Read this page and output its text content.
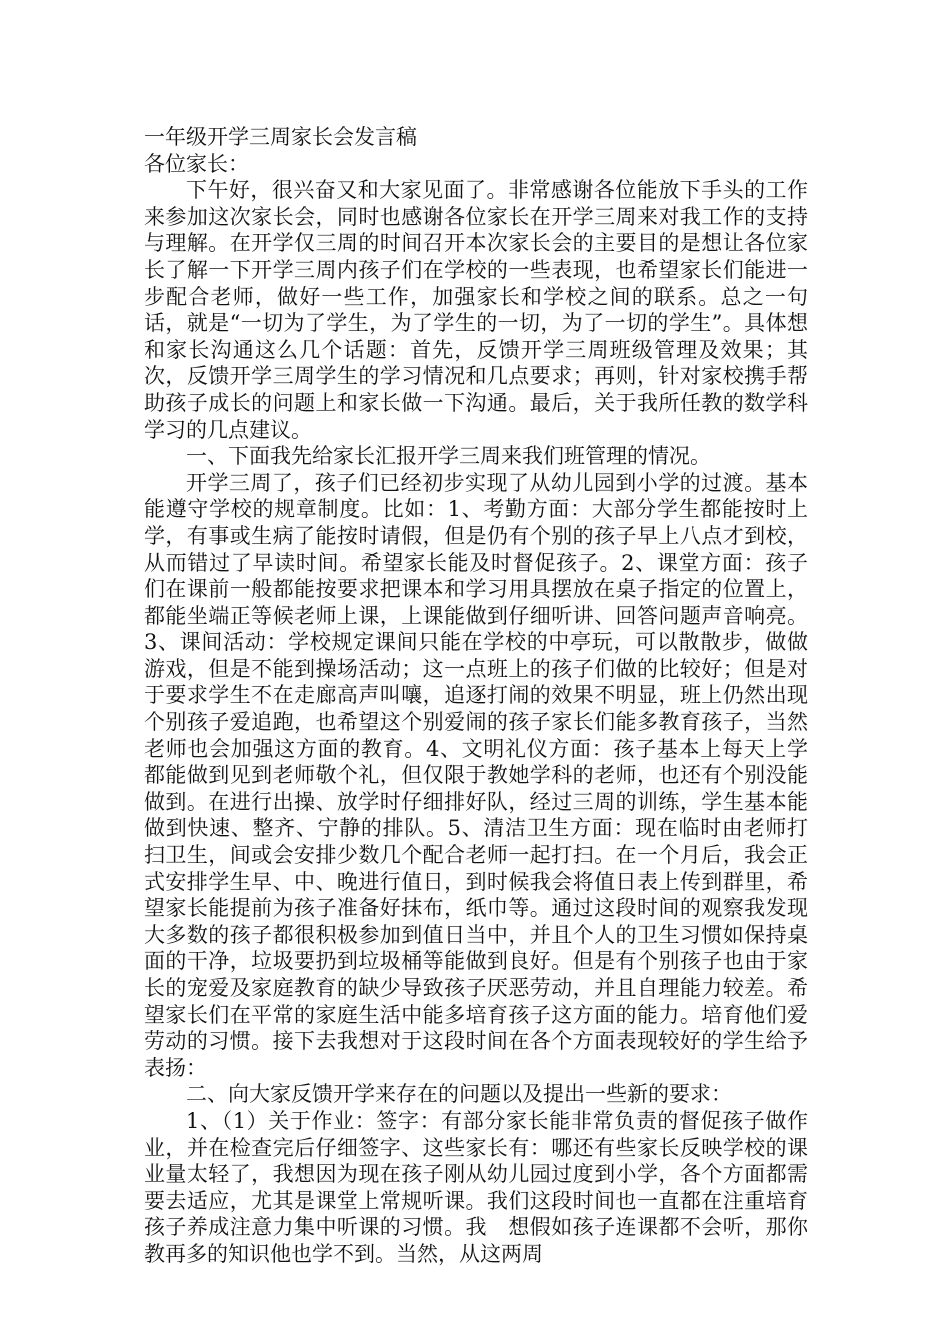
一年级开学三周家长会发言稿
各位家长：

下午好，很兴奋又和大家见面了。非常感谢各位能放下手头的工作来参加这次家长会，同时也感谢各位家长在开学三周来对我工作的支持与理解。在开学仅三周的时间召开本次家长会的主要目的是想让各位家长了解一下开学三周内孩子们在学校的一些表现，也希望家长们能进一步配合老师，做好一些工作，加强家长和学校之间的联系。总之一句话，就是“一切为了学生，为了学生的一切，为了一切的学生”。具体想和家长沟通这么几个话题：首先，反馈开学三周班级管理及效果；其次，反馈开学三周学生的学习情况和几点要求；再则，针对家校携手帮助孩子成长的问题上和家长做一下沟通。最后，关于我所任教的数学科学习的几点建议。

一、下面我先给家长汇报开学三周来我们班管理的情况。

开学三周了，孩子们已经初步实现了从幼儿园到小学的过渡。基本能遵守学校的规章制度。比如：1、考勤方面：大部分学生都能按时上学，有事或生病了能按时请假，但是仍有个别的孩子早上八点才到校，从而错过了早读时间。希望家长能及时督促孩子。2、课堂方面：孩子们在课前一般都能按要求把课本和学习用具摆放在桌子指定的位置上，都能坐端正等候老师上课，上课能做到仔细听讲、回答问题声音响亮。3、课间活动：学校规定课间只能在学校的中亭玩，可以散散步，做做游戏，但是不能到操场活动；这一点班上的孩子们做的比较好；但是对于要求学生不在走廊高声叫嚷，追逐打闹的效果不明显，班上仍然出现个别孩子爱追跑，也希望这个别爱闹的孩子家长们能多教育孩子，当然老师也会加强这方面的教育。4、文明礼仪方面：孩子基本上每天上学都能做到见到老师敬个礼，但仅限于教她学科的老师，也还有个别没能做到。在进行出操、放学时仔细排好队，经过三周的训练，学生基本能做到快速、整齐、宁静的排队。5、清洁卫生方面：现在临时由老师打扫卫生，间或会安排少数几个配合老师一起打扫。在一个月后，我会正式安排学生早、中、晚进行值日，到时候我会将值日表上传到群里，希望家长能提前为孩子准备好抹布，纸巾等。通过这段时间的观察我发现大多数的孩子都很积极参加到值日当中，并且个人的卫生习惯如保持桌面的干净，垃圾要扔到垃圾桶等能做到良好。但是有个别孩子也由于家长的宠爱及家庭教育的缺少导致孩子厌恶劳动，并且自理能力较差。希望家长们在平常的家庭生活中能多培育孩子这方面的能力。培育他们爱劳动的习惯。接下去我想对于这段时间在各个方面表现较好的学生给予表扬：

二、向大家反馈开学来存在的问题以及提出一些新的要求：

1、（1）关于作业：签字：有部分家长能非常负责的督促孩子做作业，并在检查完后仔细签字、这些家长有：哪还有些家长反映学校的课业量太轻了，我想因为现在孩子刚从幼儿园过度到小学，各个方面都需要去适应，尤其是课堂上常规听课。我们这段时间也一直都在注重培育孩子养成注意力集中听课的习惯。我　想假如孩子连课都不会听，那你教再多的知识他也学不到。当然，从这两周
